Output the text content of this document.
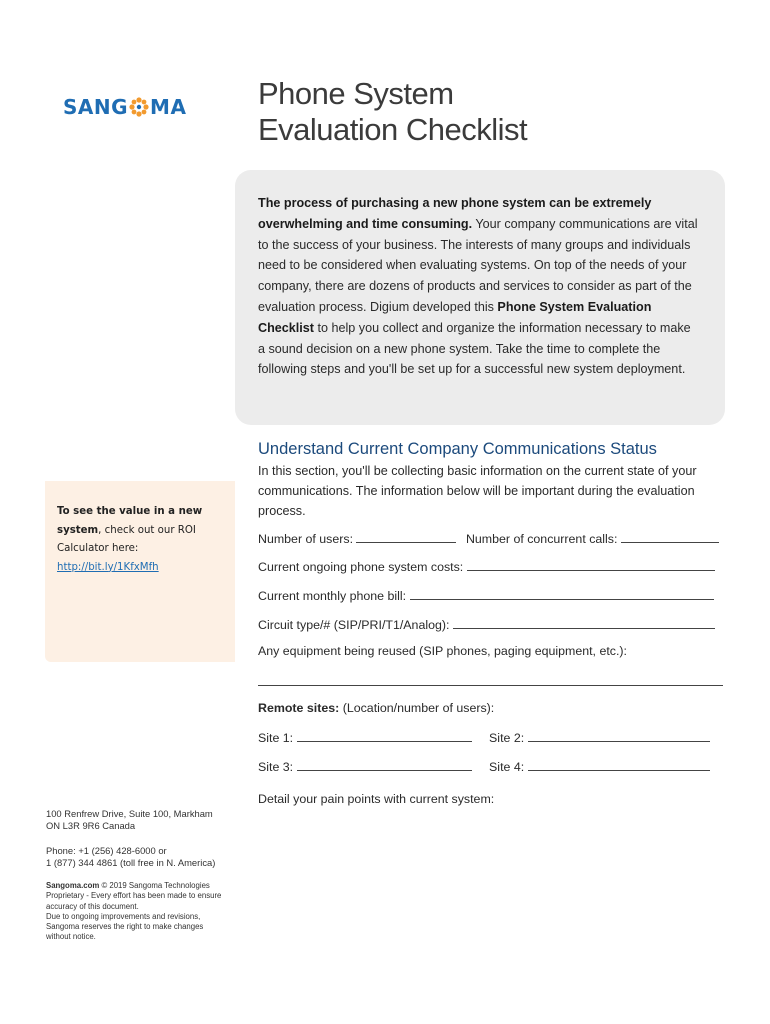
SANG MA Phone System
Evaluation Checklist

The process of purchasing a new phone system can be extremely overwhelming and time consuming. Your company communications are vital to the success of your business. The interests of many groups and individuals need to be considered when evaluating systems. On top of the needs of your company, there are dozens of products and services to consider as part of the evaluation process. Digium developed this Phone System Evaluation Checklist to help you collect and organize the information necessary to make a sound decision on a new phone system. Take the time to complete the following steps and you'll be set up for a successful new system deployment.

Understand Current Company Communications Status

In this section, you'll be collecting basic information on the current state of your communications. The information below will be important during the evaluation process.

Number of users:	Number of concurrent calls:
Current ongoing phone system costs:
Current monthly phone bill:
Circuit type/# (SIP/PRI/T1/Analog):
Any equipment being reused (SIP phones, paging equipment, etc.):
Remote sites: (Location/number of users):
Site 1:	Site 2:
Site 3:	Site 4:
Detail your pain points with current system:
To see the value in a new system, check out our ROI Calculator here:
http://bit.ly/1KfxMfh
100 Renfrew Drive, Suite 100, Markham
ON L3R 9R6 Canada
Phone: +1 (256) 428-6000 or
1 (877) 344 4861 (toll free in N. America)
Sangoma.com © 2019 Sangoma Technologies
Proprietary - Every effort has been made to ensure
accuracy of this document.
Due to ongoing improvements and revisions,
Sangoma reserves the right to make changes
without notice.
